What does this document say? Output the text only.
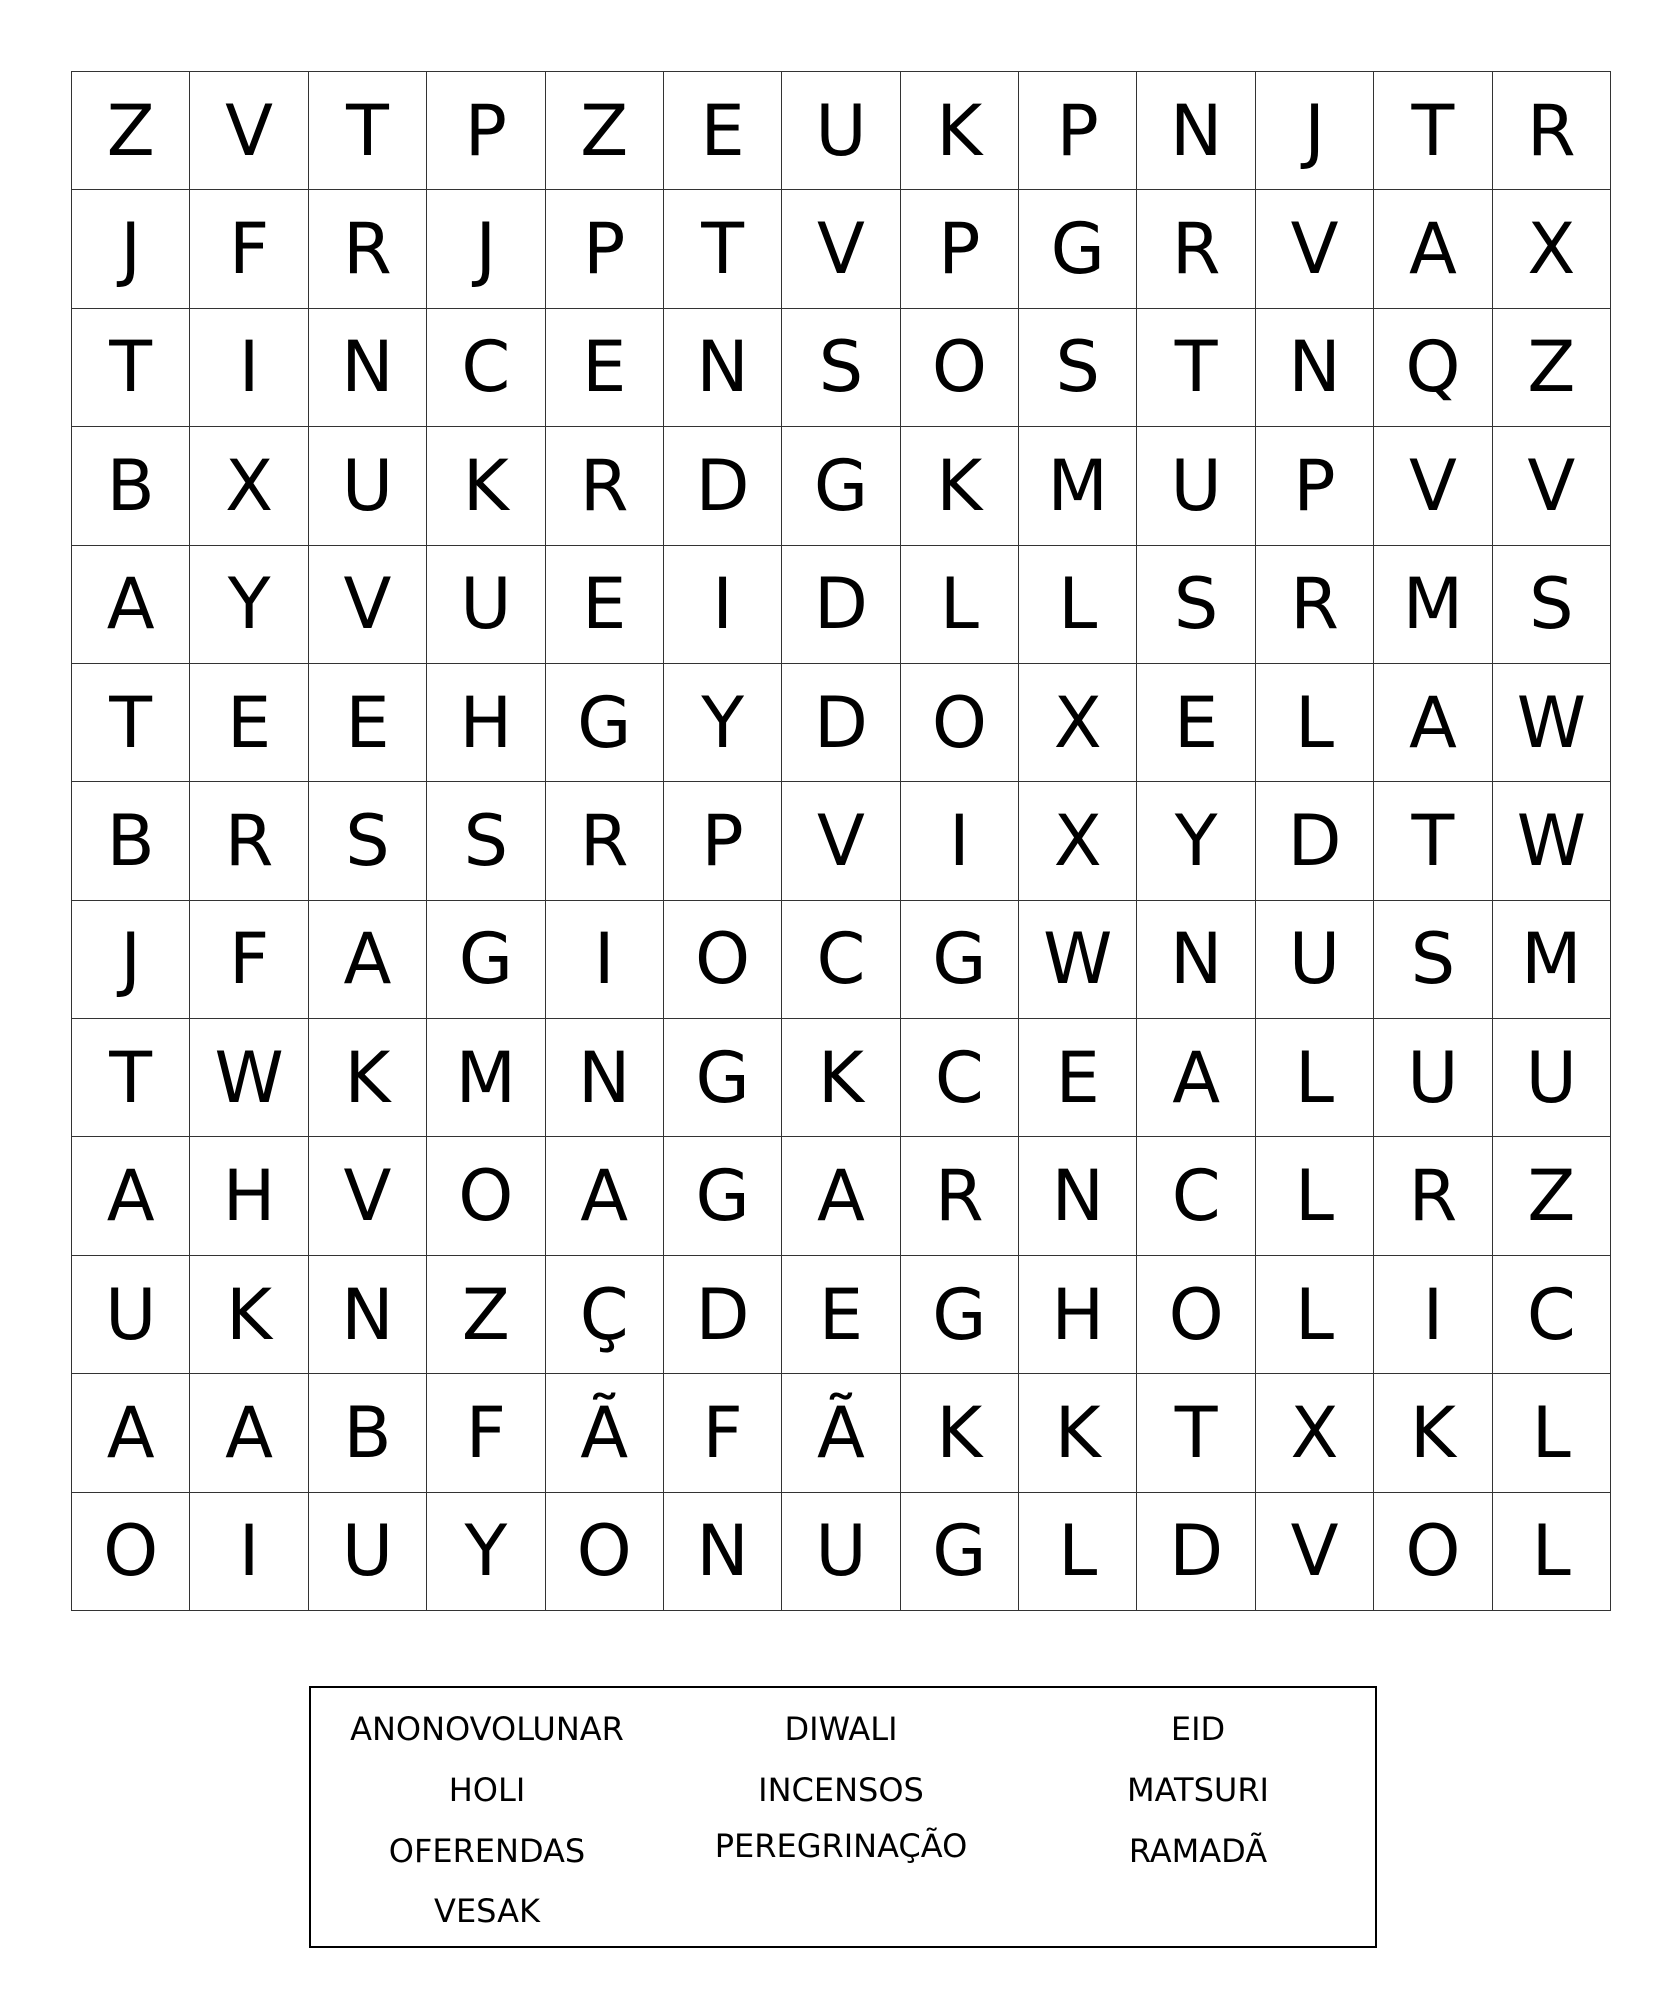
Z	V	T	P	Z	E	U K	P	N	J	T	R
J	F	R	J	P	T	V	P	G R	V	A	X
T	I	N C	E	N S O S	T	N Q Z
B	X U K	R D G K M U	P	V	V
A	Y	V U	E	I	D	L	L	S	R M S
T	E	E H G Y	D O X	E	L	A W
B	R	S	S	R	P	V	I	X	Y	D	T W
J	F	A G	I	O C G W N U	S M
T W K M N G K	C	E	A	L	U U
A H V O A G A	R N C	L	R	Z
U K N Z Ç D E G H O	L	I	C
A	A	B	F	Ã	F	Ã	K	K	T	X	K	L
O	I	U	Y O N U G	L	D V O	L
ANONOVOLUNAR	DIWALI	EID
HOLI	INCENSOS	MATSURI
OFERENDAS	PEREGRINAÇÃO	RAMADÃ
VESAK
